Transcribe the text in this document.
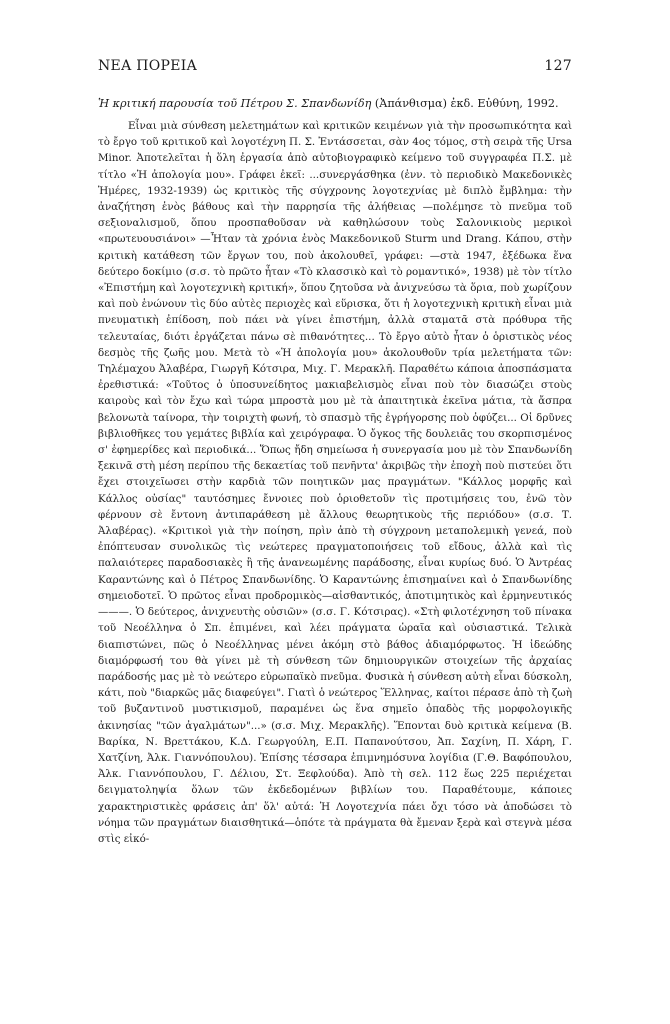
ΝΕΑ ΠΟΡΕΙΑ	127

Ἡ κριτική παρουσία τοῦ Πέτρου Σ. Σπανδωνίδη (Ἀπάνθισμα) ἐκδ. Εὐθύνη, 1992.

Εἶναι μιὰ σύνθεση μελετημάτων καὶ κριτικῶν κειμένων γιὰ τὴν προσωπικότητα καὶ τὸ ἔργο τοῦ κριτικοῦ καὶ λογοτέχνη Π. Σ. Ἐντάσσεται, σὰν 4ος τόμος, στὴ σειρὰ τῆς Ursa Minor. Ἀποτελεῖται ἡ ὅλη ἐργασία ἀπὸ αὐτοβιογραφικὸ κείμενο τοῦ συγγραφέα Π.Σ. μὲ τίτλο «Ἡ ἀπολογία μου». Γράφει ἐκεῖ: ...συνεργάσθηκα (ἐνν. τὸ περιοδικὸ Μακεδονικὲς Ἡμέρες, 1932-1939) ὡς κριτικὸς τῆς σύγχρονης λογοτεχνίας μὲ διπλὸ ἔμβλημα: τὴν ἀναζήτηση ἑνὸς βάθους καὶ τὴν παρρησία τῆς ἀλήθειας —πολέμησε τὸ πνεῦμα τοῦ σεξιοναλισμοῦ, ὅπου προσπαθοῦσαν νὰ καθηλώσουν τοὺς Σαλονικιοὺς μερικοὶ «πρωτευουσιάνοι» —Ἦταν τὰ χρόνια ἑνὸς Μακεδονικοῦ Sturm und Drang. Κάπου, στὴν κριτικὴ κατάθεση τῶν ἔργων του, ποὺ ἀκολουθεῖ, γράφει: —στὰ 1947, ἐξέδωκα ἕνα δεύτερο δοκίμιο (σ.σ. τὸ πρῶτο ἦταν «Τὸ κλασσικὸ καὶ τὸ ρομαντικό», 1938) μὲ τὸν τίτλο «Ἐπιστήμη καὶ λογοτεχνικὴ κριτική», ὅπου ζητοῦσα νὰ ἀνιχνεύσω τὰ ὅρια, ποὺ χωρίζουν καὶ ποὺ ἑνώνουν τὶς δύο αὐτὲς περιοχὲς καὶ εὕρισκα, ὅτι ἡ λογοτεχνικὴ κριτικὴ εἶναι μιὰ πνευματικὴ ἐπίδοση, ποὺ πάει νὰ γίνει ἐπιστήμη, ἀλλὰ σταματᾶ στὰ πρόθυρα τῆς τελευταίας, διότι ἐργάζεται πάνω σὲ πιθανότητες... Τὸ ἔργο αὐτὸ ἦταν ὁ ὁριστικὸς νέος δεσμὸς τῆς ζωῆς μου. Μετὰ τὸ «Ἡ ἀπολογία μου» ἀκολουθοῦν τρία μελετήματα τῶν: Τηλέμαχου Ἀλαβέρα, Γιωργῆ Κότσιρα, Μιχ. Γ. Μερακλῆ. Παραθέτω κάποια ἀποσπάσματα ἐρεθιστικά: «Τοῦτος ὁ ὑποσυνείδητος μακιαβελισμὸς εἶναι ποὺ τὸν διασώζει στοὺς καιροὺς καὶ τὸν ἔχω καὶ τώρα μπροστὰ μου μὲ τὰ ἀπαιτητικὰ ἐκεῖνα μάτια, τὰ ἄσπρα βελονωτὰ ταίνορα, τὴν τοιριχτὴ φωνή, τὸ σπασμὸ τῆς ἐγρήγορσης ποὺ ὀφύζει... Οἱ δρῦνες βιβλιοθῆκες του γεμάτες βιβλία καὶ χειρόγραφα. Ὁ ὄγκος τῆς δουλειᾶς του σκορπισμένος σ' ἐφημερίδες καὶ περιοδικά... Ὅπως ἤδη σημείωσα ἡ συνεργασία μου μὲ τὸν Σπανδωνίδη ξεκινᾶ στὴ μέση περίπου τῆς δεκαετίας τοῦ πενῆντα' ἀκριβῶς τὴν ἐποχὴ ποὺ πιστεύει ὅτι ἔχει στοιχεῖωσει στὴν καρδιὰ τῶν ποιητικῶν μας πραγμάτων. "Κάλλος μορφῆς καὶ Κάλλος οὐσίας" ταυτόσημες ἔννοιες ποὺ ὁριοθετοῦν τὶς προτιμήσεις του, ἐνῶ τὸν φέρνουν σὲ ἔντονη ἀντιπαράθεση μὲ ἄλλους θεωρητικοὺς τῆς περιόδου» (σ.σ. Τ. Ἀλαβέρας). «Κριτικοὶ γιὰ τὴν ποίηση, πρὶν ἀπὸ τὴ σύγχρονη μεταπολεμικὴ γενεά, ποὺ ἐπόπτευσαν συνολικῶς τὶς νεώτερες πραγματοποιήσεις τοῦ εἴδους, ἀλλὰ καὶ τὶς παλαιότερες παραδοσιακὲς ἢ τῆς ἀνανεωμένης παράδοσης, εἶναι κυρίως δυό. Ὁ Ἀντρέας Καραντώνης καὶ ὁ Πέτρος Σπανδωνίδης. Ὁ Καραντώνης ἐπισημαίνει καὶ ὁ Σπανδωνίδης σημειοδοτεῖ. Ὁ πρῶτος εἶναι προδρομικὸς—αἰσθαντικός, ἀποτιμητικὸς καὶ ἑρμηνευτικός———. Ὁ δεύτερος, ἀνιχνευτὴς οὐσιῶν» (σ.σ. Γ. Κότσιρας). «Στὴ φιλοτέχνηση τοῦ πίνακα τοῦ Νεοέλληνα ὁ Σπ. ἐπιμένει, καὶ λέει πράγματα ὡραῖα καὶ οὐσιαστικά. Τελικὰ διαπιστώνει, πῶς ὁ Νεοέλληνας μένει ἀκόμη στὸ βάθος ἀδιαμόρφωτος. Ἡ ἰδεώδης διαμόρφωσή του θὰ γίνει μὲ τὴ σύνθεση τῶν δημιουργικῶν στοιχείων τῆς ἀρχαίας παράδοσής μας μὲ τὸ νεώτερο εὐρωπαϊκὸ πνεῦμα. Φυσικὰ ἡ σύνθεση αὐτὴ εἶναι δύσκολη, κάτι, ποὺ "διαρκῶς μᾶς διαφεύγει". Γιατὶ ὁ νεώτερος Ἕλληνας, καίτοι πέρασε ἀπὸ τὴ ζωὴ τοῦ βυζαντινοῦ μυστικισμοῦ, παραμένει ὡς ἕνα σημεῖο ὁπαδὸς τῆς μορφολογικῆς ἀκινησίας "τῶν ἀγαλμάτων"...» (σ.σ. Μιχ. Μερακλῆς). Ἕπονται δυὸ κριτικὰ κείμενα (Β. Βαρίκα, Ν. Βρεττάκου, Κ.Δ. Γεωργούλη, Ε.Π. Παπανούτσου, Ἀπ. Σαχίνη, Π. Χάρη, Γ. Χατζίνη, Ἀλκ. Γιαννόπουλου). Ἐπίσης τέσσαρα ἐπιμνημόσυνα λογίδια (Γ.Θ. Βαφόπουλου, Ἀλκ. Γιαννόπουλου, Γ. Δέλιου, Στ. Ξεφλούδα). Ἀπὸ τὴ σελ. 112 ἕως 225 περιέχεται δειγματοληψία ὅλων τῶν ἐκδεδομένων βιβλίων του. Παραθέτουμε, κάποιες χαρακτηριστικὲς φράσεις ἀπ' ὅλ' αὐτά: Ἡ Λογοτεχνία πάει ὄχι τόσο νὰ ἀποδώσει τὸ νόημα τῶν πραγμάτων διαισθητικά—ὁπότε τὰ πράγματα θὰ ἔμεναν ξερὰ καὶ στεγνὰ μέσα στὶς εἰκό-
